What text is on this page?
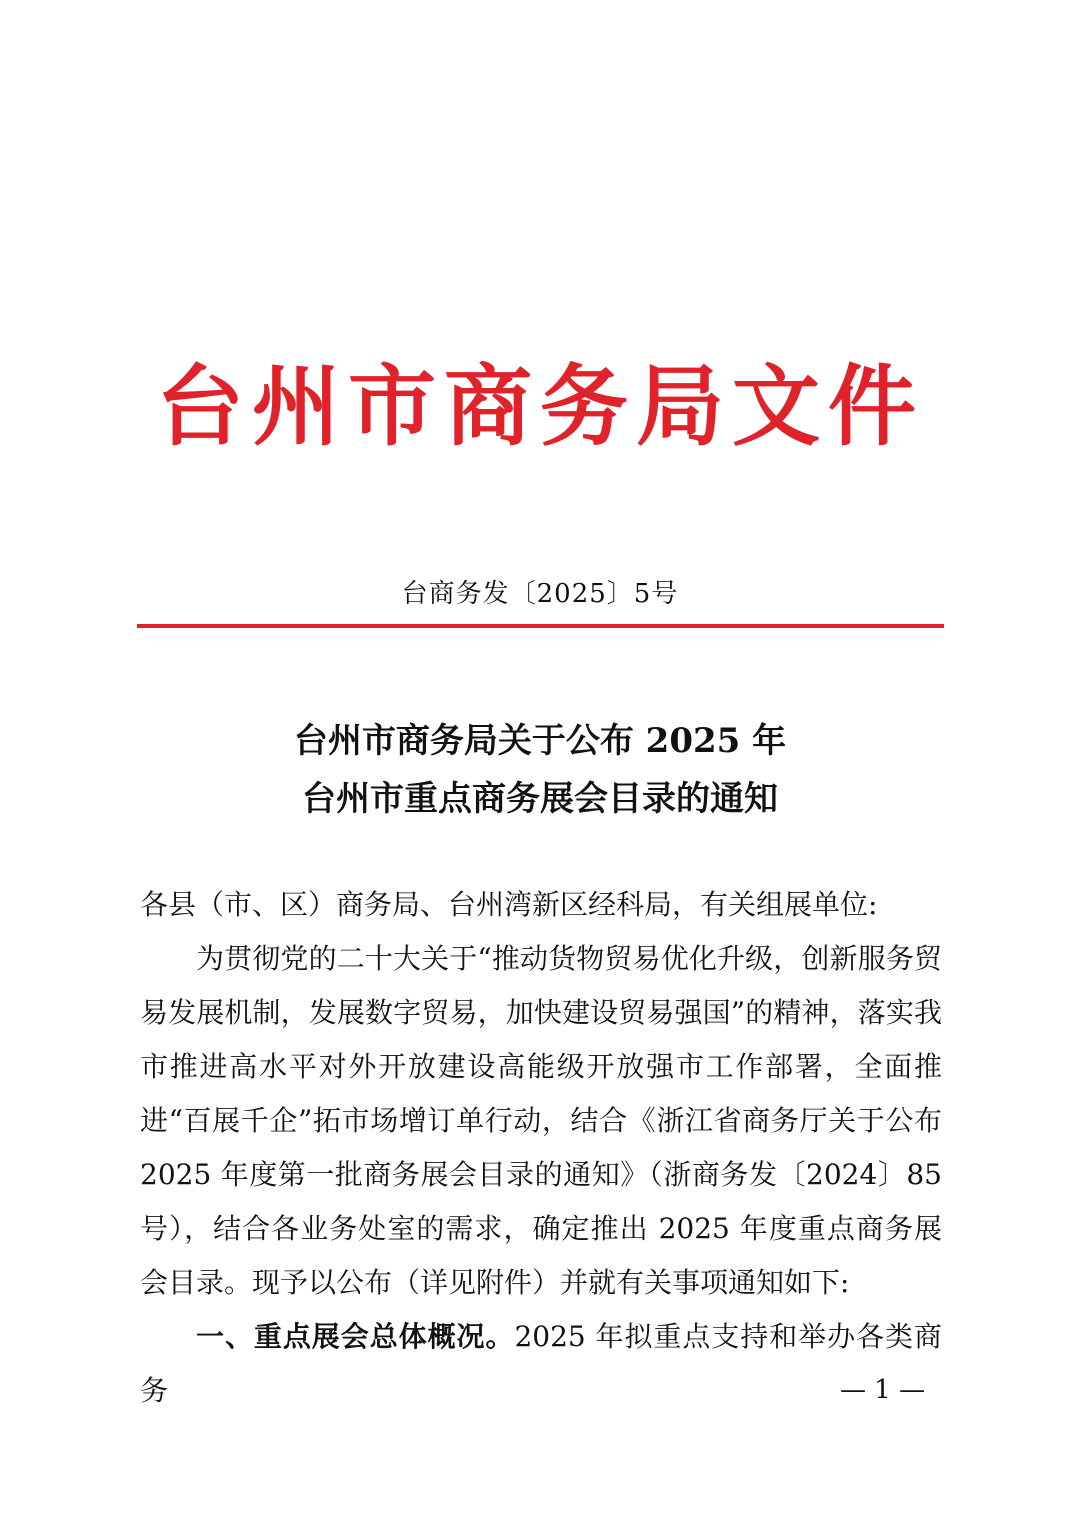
台州市商务局文件
台商务发〔2025〕5号
台州市商务局关于公布 2025 年
台州市重点商务展会目录的通知

各县（市、区）商务局、台州湾新区经科局，有关组展单位:

为贯彻党的二十大关于“推动货物贸易优化升级，创新服务贸易发展机制，发展数字贸易，加快建设贸易强国”的精神，落实我市推进高水平对外开放建设高能级开放强市工作部署，全面推进“百展千企”拓市场增订单行动，结合《浙江省商务厅关于公布 2025 年度第一批商务展会目录的通知》（浙商务发〔2024〕85 号），结合各业务处室的需求，确定推出 2025 年度重点商务展会目录。现予以公布（详见附件）并就有关事项通知如下:

一、重点展会总体概况。2025 年拟重点支持和举办各类商务	— 1 —
